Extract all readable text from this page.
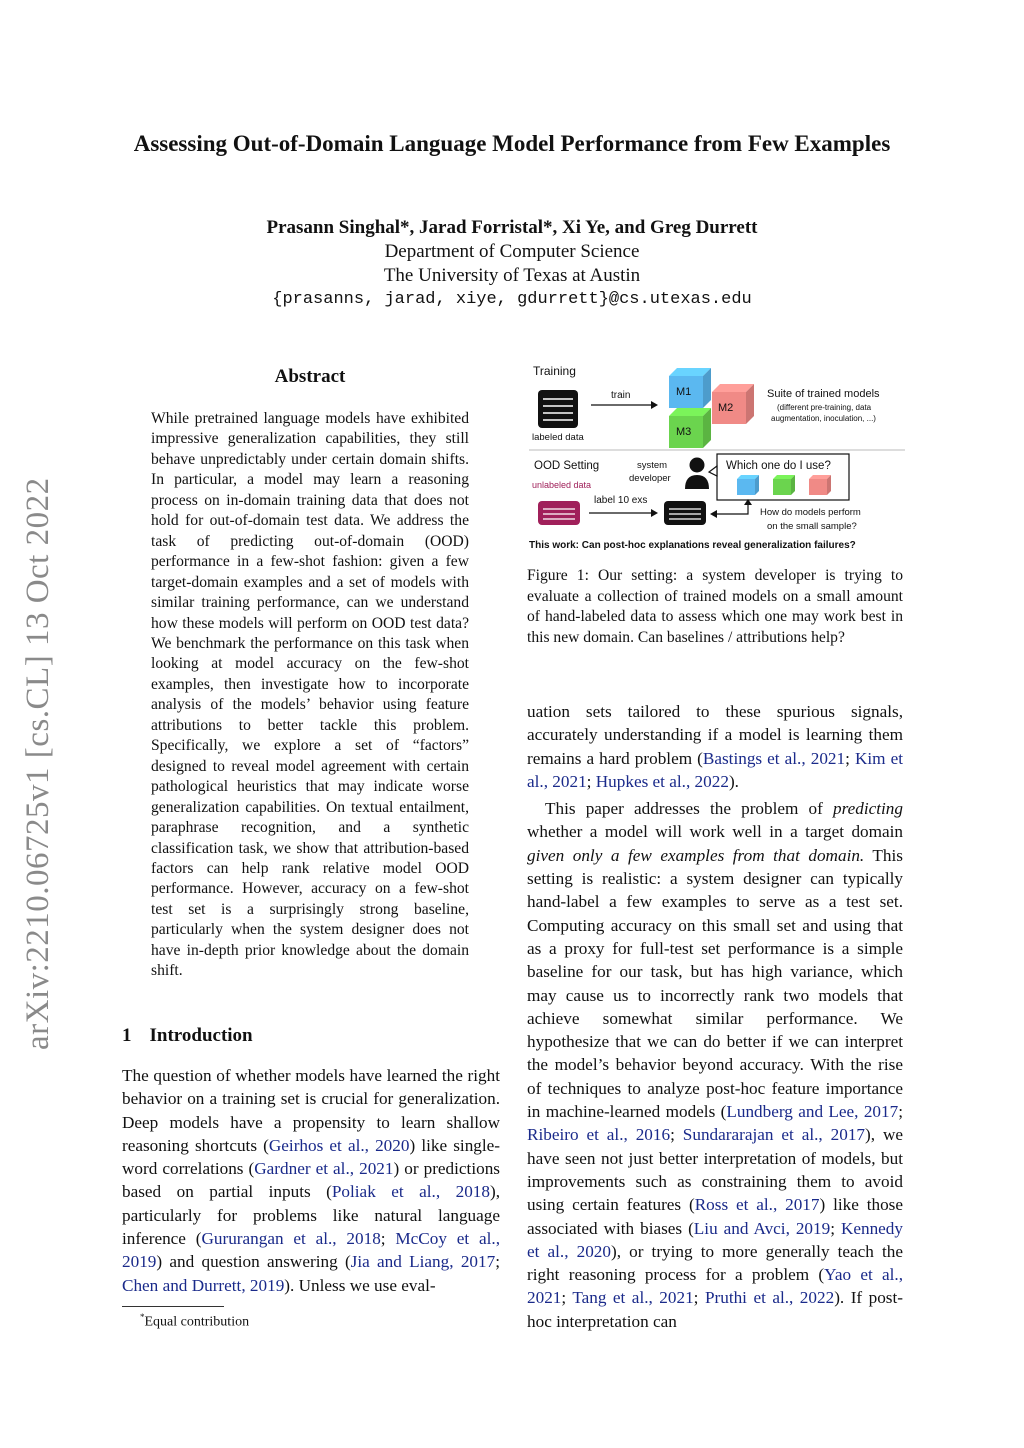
Assessing Out-of-Domain Language Model Performance from Few Examples
Prasann Singhal*, Jarad Forristal*, Xi Ye, and Greg Durrett
Department of Computer Science
The University of Texas at Austin
{prasanns, jarad, xiye, gdurrett}@cs.utexas.edu
arXiv:2210.06725v1 [cs.CL] 13 Oct 2022
Abstract
While pretrained language models have exhibited impressive generalization capabilities, they still behave unpredictably under certain domain shifts. In particular, a model may learn a reasoning process on in-domain training data that does not hold for out-of-domain test data. We address the task of predicting out-of-domain (OOD) performance in a few-shot fashion: given a few target-domain examples and a set of models with similar training performance, can we understand how these models will perform on OOD test data? We benchmark the performance on this task when looking at model accuracy on the few-shot examples, then investigate how to incorporate analysis of the models’ behavior using feature attributions to better tackle this problem. Specifically, we explore a set of “factors” designed to reveal model agreement with certain pathological heuristics that may indicate worse generalization capabilities. On textual entailment, paraphrase recognition, and a synthetic classification task, we show that attribution-based factors can help rank relative model OOD performance. However, accuracy on a few-shot test set is a surprisingly strong baseline, particularly when the system designer does not have in-depth prior knowledge about the domain shift.
1 Introduction

The question of whether models have learned the right behavior on a training set is crucial for generalization. Deep models have a propensity to learn shallow reasoning shortcuts (Geirhos et al., 2020) like single-word correlations (Gardner et al., 2021) or predictions based on partial inputs (Poliak et al., 2018), particularly for problems like natural language inference (Gururangan et al., 2018; McCoy et al., 2019) and question answering (Jia and Liang, 2017; Chen and Durrett, 2019). Unless we use eval-

*Equal contribution
Training
labeled data
train	M1
M2
M3
Suite of trained models
(different pre-training, data
augmentation, inoculation, ...)
OOD Setting
unlabeled data
label 10 exs
system
developer
Which one do I use?
How do models perform
on the small sample?
This work: Can post-hoc explanations reveal generalization failures?
Figure 1: Our setting: a system developer is trying to evaluate a collection of trained models on a small amount of hand-labeled data to assess which one may work best in this new domain. Can baselines / attributions help?

uation sets tailored to these spurious signals, accurately understanding if a model is learning them remains a hard problem (Bastings et al., 2021; Kim et al., 2021; Hupkes et al., 2022).

This paper addresses the problem of predicting whether a model will work well in a target domain given only a few examples from that domain. This setting is realistic: a system designer can typically hand-label a few examples to serve as a test set. Computing accuracy on this small set and using that as a proxy for full-test set performance is a simple baseline for our task, but has high variance, which may cause us to incorrectly rank two models that achieve somewhat similar performance. We hypothesize that we can do better if we can interpret the model’s behavior beyond accuracy. With the rise of techniques to analyze post-hoc feature importance in machine-learned models (Lundberg and Lee, 2017; Ribeiro et al., 2016; Sundararajan et al., 2017), we have seen not just better interpretation of models, but improvements such as constraining them to avoid using certain features (Ross et al., 2017) like those associated with biases (Liu and Avci, 2019; Kennedy et al., 2020), or trying to more generally teach the right reasoning process for a problem (Yao et al., 2021; Tang et al., 2021; Pruthi et al., 2022). If post-hoc interpretation can
